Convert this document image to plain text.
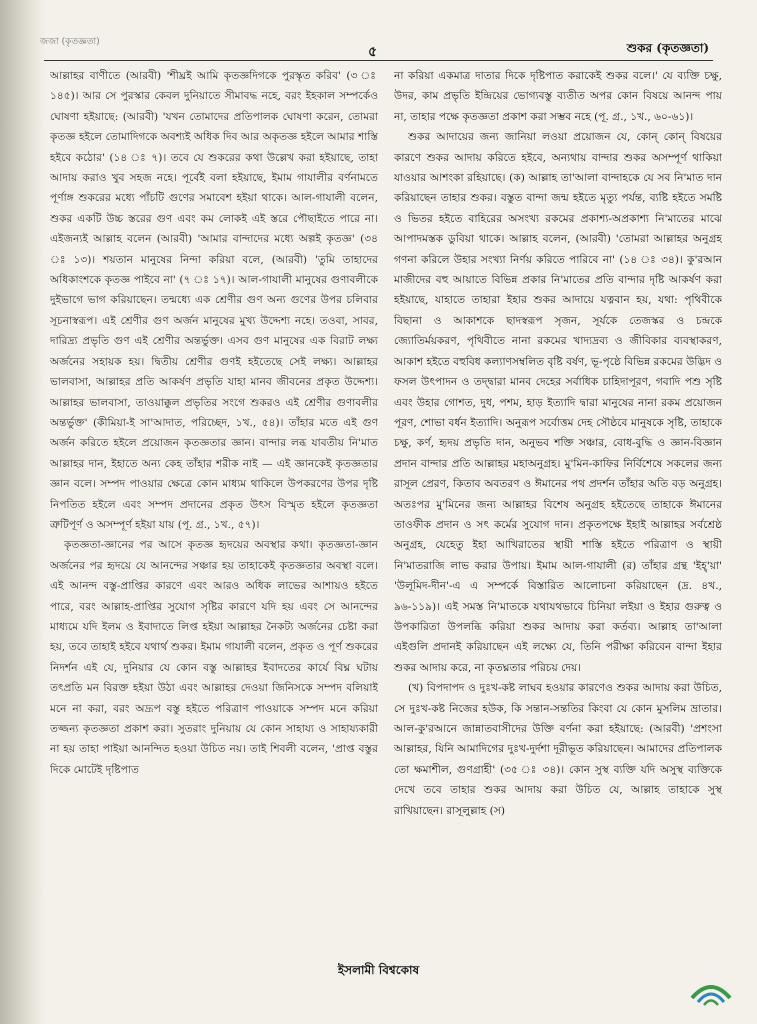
জজা (কৃতজ্ঞতা)
৫	শুকর (কৃতজ্ঞতা)

আল্লাহর বাণীতে (আরবী) 'শীঘ্রই আমি কৃতজ্ঞদিগকে পুরস্কৃত করিব' (৩ ঃ ১৪৫)। আর সে পুরস্কার কেবল দুনিয়াতে সীমাবদ্ধ নহে, বরং ইহকাল সম্পর্কেও ঘোষণা হইয়াছে: (আরবী) 'যখন তোমাদের প্রতিপালক ঘোষণা করেন, তোমরা কৃতজ্ঞ হইলে তোমাদিগকে অবশ্যই অধিক দিব আর অকৃতজ্ঞ হইলে আমার শাস্তি হইবে কঠোর' (১৪ ঃ ৭)। তবে যে শুকরের কথা উল্লেখ করা হইয়াছে, তাহা আদায় করাও খুব সহজ নহে। পূর্বেই বলা হইয়াছে, ইমাম গাযালীর বর্ণনামতে পূর্ণাঙ্গ শুকরের মধ্যে পাঁচটি গুণের সমাবেশ হইয়া থাকে। আল-গাযালী বলেন, শুকর একটি উচ্চ স্তরের গুণ এবং কম লোকই এই স্তরে পৌছাইতে পারে না। এইজন্যই আল্লাহ বলেন (আরবী) 'আমার বান্দাদের মধ্যে অল্পই কৃতজ্ঞ' (৩৪ ঃ ১৩)। শয়তান মানুষের নিন্দা করিয়া বলে, (আরবী) 'তুমি তাহাদের অধিকাংশকে কৃতজ্ঞ পাইবে না' (৭ ঃ ১৭)। আল-গাযালী মানুষের গুণাবলীকে দুইভাগে ভাগ করিয়াছেন। তন্মধ্যে এক শ্রেণীর গুণ অন্য গুণের উপর চলিবার সূচনাস্বরূপ। এই শ্রেণীর গুণ অর্জন মানুষের মুখ্য উদ্দেশ্য নহে। তওবা, সাবর, দারিদ্র্য প্রভৃতি গুণ এই শ্রেণীর অন্তর্ভুক্ত। এসব গুণ মানুষের এক বিরাট লক্ষ্য অর্জনের সহায়ক হয়। দ্বিতীয় শ্রেণীর গুণই হইতেছে সেই লক্ষ্য। আল্লাহর ভালবাসা, আল্লাহর প্রতি আকর্ষণ প্রভৃতি যাহা মানব জীবনের প্রকৃত উদ্দেশ্য। আল্লাহর ভালবাসা, তাওয়াক্কুল প্রভৃতির সংগে শুকরও এই শ্রেণীর গুণাবলীর অন্তর্ভুক্ত' (কীমিয়া-ই সা'আদাত, পরিচ্ছেদ, ১খ., ৫৪)। তাঁহার মতে এই গুণ অর্জন করিতে হইলে প্রয়োজন কৃতজ্ঞতার জ্ঞান। বান্দার লব্ধ যাবতীয় নি'মাত আল্লাহর দান, ইহাতে অন্য কেহ তাঁহার শরীক নাই — এই জ্ঞানকেই কৃতজ্ঞতার জ্ঞান বলে। সম্পদ পাওয়ার ক্ষেত্রে কোন মাধ্যম থাকিলে উপকরণের উপর দৃষ্টি নিপতিত হইলে এবং সম্পদ প্রদানের প্রকৃত উৎস বিস্মৃত হইলে কৃতজ্ঞতা ত্রুটিপূর্ণ ও অসম্পূর্ণ হইয়া যায় (পূ. গ্র., ১খ., ৫৭)।

কৃতজ্ঞতা-জ্ঞানের পর আসে কৃতজ্ঞ হৃদয়ের অবস্থার কথা। কৃতজ্ঞতা-জ্ঞান অর্জনের পর হৃদয়ে যে আনন্দের সঞ্চার হয় তাহাকেই কৃতজ্ঞতার অবস্থা বলে। এই আনন্দ বস্তু-প্রাপ্তির কারণে এবং আরও অধিক লাভের আশায়ও হইতে পারে, বরং আল্লাহ-প্রাপ্তির সুযোগ সৃষ্টির কারণে যদি হয় এবং সে আনন্দের মাধ্যমে যদি ইলম ও ইবাদাতে লিপ্ত হইয়া আল্লাহর নৈকট্য অর্জনের চেষ্টা করা হয়, তবে তাহাই হইবে যথার্থ শুকর। ইমাম গাযালী বলেন, প্রকৃত ও পূর্ণ শুকরের নিদর্শন এই যে, দুনিয়ার যে কোন বস্তু আল্লাহর ইবাদতের কার্যে বিঘ্ন ঘটায় তৎপ্রতি মন বিরক্ত হইয়া উঠা এবং আল্লাহর দেওয়া জিনিসকে সম্পদ বলিয়াই মনে না করা, বরং অদ্রূপ বস্তু হইতে পরিত্রাণ পাওয়াকে সম্পদ মনে করিয়া তজ্জন্য কৃতজ্ঞতা প্রকাশ করা। সুতরাং দুনিয়ায় যে কোন সাহায্য ও সাহায্যকারী না হয় তাহা পাইয়া আনন্দিত হওয়া উচিত নয়। তাই শিবলী বলেন, 'প্রাপ্ত বস্তুর দিকে মোটেই দৃষ্টিপাত

না করিয়া একমাত্র দাতার দিকে দৃষ্টিপাত করাকেই শুকর বলে।' যে ব্যক্তি চক্ষু, উদর, কাম প্রভৃতি ইন্দ্রিয়ের ভোগ্যবস্তু ব্যতীত অপর কোন বিষয়ে আনন্দ পায় না, তাহার পক্ষে কৃতজ্ঞতা প্রকাশ করা সম্ভব নহে (পূ. গ্র., ১খ., ৬০-৬১)।

শুকর আদায়ের জন্য জানিয়া লওয়া প্রয়োজন যে, কোন্ কোন্ বিষয়ের কারণে শুকর আদায় করিতে হইবে, অন্যথায় বান্দার শুকর অসম্পূর্ণ থাকিয়া যাওয়ার আশংকা রহিয়াছে। (ক) আল্লাহ তা'আলা বান্দাহকে যে সব নি'মাত দান করিয়াছেন তাহার শুকর। বস্তুত বান্দা জন্ম হইতে মৃত্যু পর্যন্ত, ব্যষ্টি হইতে সমষ্টি ও ভিতর হইতে বাহিরের অসংখ্য রকমের প্রকাশ্য-অপ্রকাশ্য নি'মাতের মাঝে আপাদমস্তক ডুবিয়া থাকে। আল্লাহ বলেন, (আরবী) 'তোমরা আল্লাহর অনুগ্রহ গণনা করিলে উহার সংখ্যা নির্ণয় করিতে পারিবে না' (১৪ ঃ ৩৪)। কু'রআন মাজীদের বহু আয়াতে বিভিন্ন প্রকার নি'মাতের প্রতি বান্দার দৃষ্টি আকর্ষণ করা হইয়াছে, যাহাতে তাহারা ইহার শুকর আদায়ে যত্নবান হয়, যথা: পৃথিবীকে বিছানা ও আকাশকে ছাদস্বরূপ সৃজন, সূর্যকে তেজস্কর ও চন্দ্রকে জ্যোতির্ময়করণ, পৃথিবীতে নানা রকমের খাদ্যদ্রব্য ও জীবিকার ব্যবস্থাকরণ, আকাশ হইতে বহুবিধ কল্যাণসম্বলিত বৃষ্টি বর্ষণ, ভূ-পৃষ্ঠে বিভিন্ন রকমের উদ্ভিদ ও ফসল উৎপাদন ও তদ্দ্বারা মানব দেহের সর্বাধিক চাহিদাপূরণ, গবাদি পশু সৃষ্টি এবং উহার গোশত, দুধ, পশম, হাড় ইত্যাদি দ্বারা মানুষের নানা রকম প্রয়োজন পূরণ, শোভা বর্ধন ইত্যাদি। অনুরূপ সর্বোত্তম দেহ সৌষ্ঠবে মানুষকে সৃষ্টি, তাহাকে চক্ষু, কর্ণ, হৃদয় প্রভৃতি দান, অনুভব শক্তি সঞ্চার, বোধ-বুদ্ধি ও জ্ঞান-বিজ্ঞান প্রদান বান্দার প্রতি আল্লাহর মহাঅনুগ্রহ। মু'মিন-কাফির নির্বিশেষে সকলের জন্য রাসূল প্রেরণ, কিতাব অবতরণ ও ঈমানের পথ প্রদর্শন তাঁহার অতি বড় অনুগ্রহ। অতঃপর মু'মিনের জন্য আল্লাহর বিশেষ অনুগ্রহ হইতেছে তাহাকে ঈমানের তাওফীক প্রদান ও সৎ কর্মের সুযোগ দান। প্রকৃতপক্ষে ইহাই আল্লাহর সর্বশ্রেষ্ঠ অনুগ্রহ, যেহেতু ইহা আখিরাতের স্থায়ী শাস্তি হইতে পরিত্রাণ ও স্থায়ী নি'মাতরাজি লাভ করার উপায়। ইমাম আল-গাযালী (র) তাঁহার গ্রন্থ 'ইহ্'য়া' 'উলূমিদ-দীন'-এ এ সম্পর্কে বিস্তারিত আলোচনা করিয়াছেন (দ্র. ৪খ., ৯৬-১১৯)। এই সমস্ত নি'মাতকে যথাযথভাবে চিনিয়া লইয়া ও ইহার গুরুত্ব ও উপকারিতা উপলব্ধি করিয়া শুকর আদায় করা কর্তব্য। আল্লাহ তা'আলা এইগুলি প্রদানই করিয়াছেন এই লক্ষ্যে যে, তিনি পরীক্ষা করিবেন বান্দা ইহার শুকর আদায় করে, না কৃতঘ্নতার পরিচয় দেয়।

(খ) বিপদাপদ ও দুঃখ-কষ্ট লাঘব হওয়ার কারণেও শুকর আদায় করা উচিত, সে দুঃখ-কষ্ট নিজের হউক, কি সন্তান-সন্ততির কিংবা যে কোন মুসলিম ভ্রাতার। আল-কু'রআনে জান্নাতবাসীদের উক্তি বর্ণনা করা হইয়াছে: (আরবী) 'প্রশংসা আল্লাহর, যিনি আমাদিগের দুঃখ-দুর্দশা দূরীভূত করিয়াছেন। আমাদের প্রতিপালক তো ক্ষমাশীল, গুণগ্রাহী' (৩৫ ঃ ৩৪)। কোন সুস্থ ব্যক্তি যদি অসুস্থ ব্যক্তিকে দেখে তবে তাহার শুকর আদায় করা উচিত যে, আল্লাহ তাহাকে সুস্থ রাখিয়াছেন। রাসূলুল্লাহ (স)

ইসলামী বিশ্বকোষ
